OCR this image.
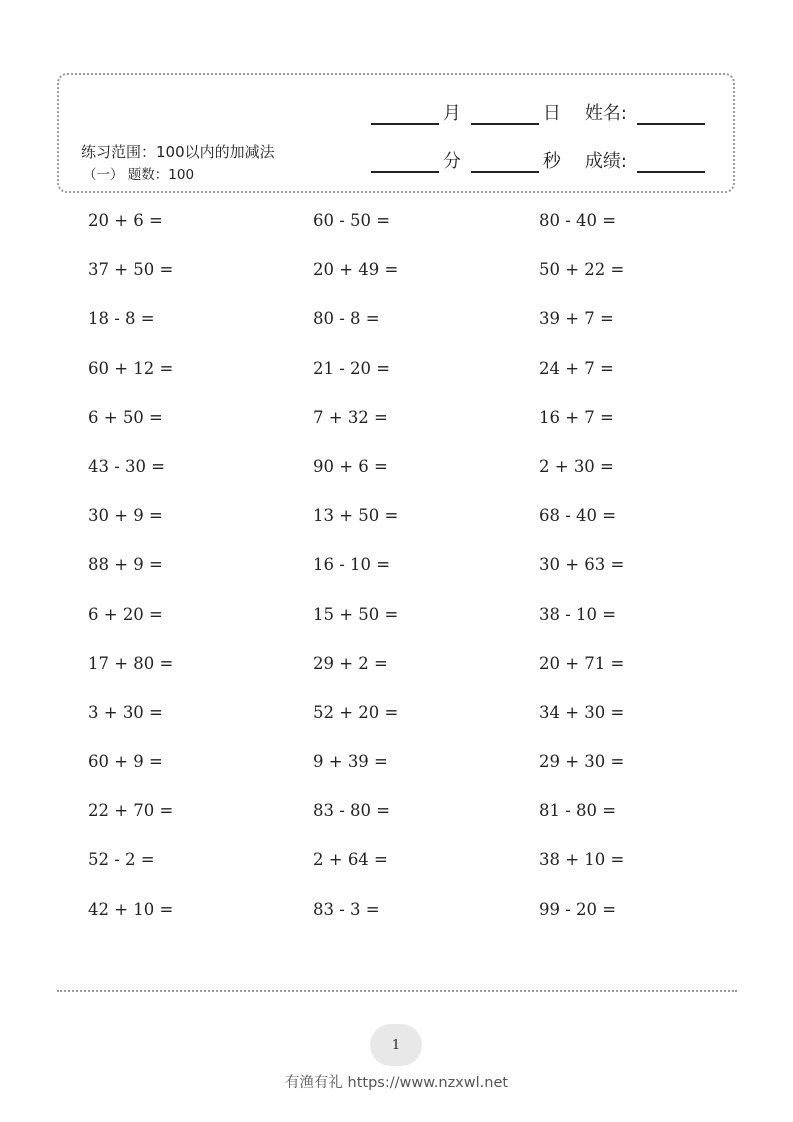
月	日 姓名:
分	秒 成绩:
练习范围：100以内的加减法
（一） 题数：100
20 + 6 =	60 - 50 =	80 - 40 =
37 + 50 =	20 + 49 =	50 + 22 =
18 - 8 =	80 - 8 =	39 + 7 =
60 + 12 =	21 - 20 =	24 + 7 =
6 + 50 =	7 + 32 =	16 + 7 =
43 - 30 =	90 + 6 =	2 + 30 =
30 + 9 =	13 + 50 =	68 - 40 =
88 + 9 =	16 - 10 =	30 + 63 =
6 + 20 =	15 + 50 =	38 - 10 =
17 + 80 =	29 + 2 =	20 + 71 =
3 + 30 =	52 + 20 =	34 + 30 =
60 + 9 =	9 + 39 =	29 + 30 =
22 + 70 =	83 - 80 =	81 - 80 =
52 - 2 =	2 + 64 =	38 + 10 =
42 + 10 =	83 - 3 =	99 - 20 =
1
有渔有礼 https://www.nzxwl.net
